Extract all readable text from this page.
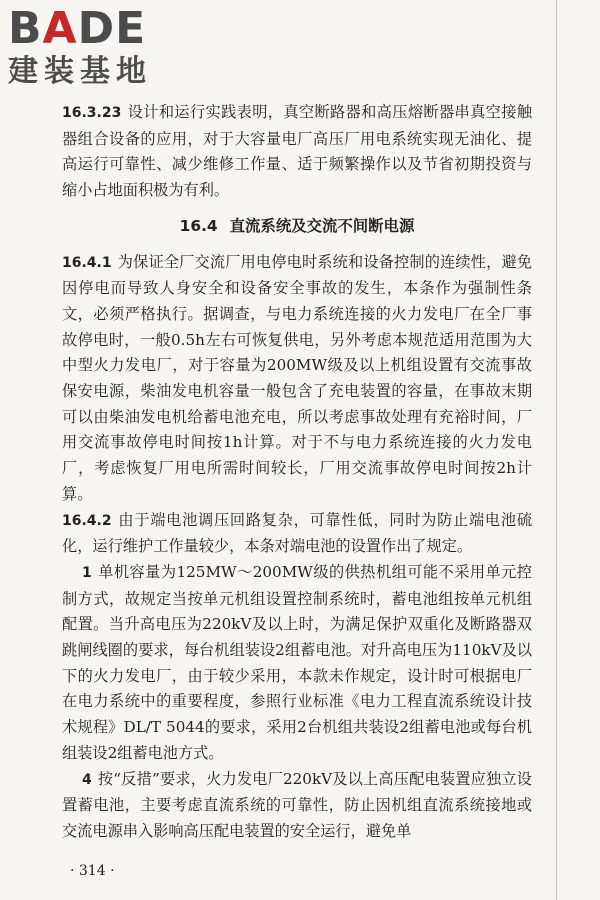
BADE
建装基地

16.3.23 设计和运行实践表明，真空断路器和高压熔断器串真空接触器组合设备的应用，对于大容量电厂高压厂用电系统实现无油化、提高运行可靠性、减少维修工作量、适于频繁操作以及节省初期投资与缩小占地面积极为有利。

16.4 直流系统及交流不间断电源

16.4.1 为保证全厂交流厂用电停电时系统和设备控制的连续性，避免因停电而导致人身安全和设备安全事故的发生，本条作为强制性条文，必须严格执行。据调查，与电力系统连接的火力发电厂在全厂事故停电时，一般0.5h左右可恢复供电，另外考虑本规范适用范围为大中型火力发电厂，对于容量为200MW级及以上机组设置有交流事故保安电源，柴油发电机容量一般包含了充电装置的容量，在事故末期可以由柴油发电机给蓄电池充电，所以考虑事故处理有充裕时间，厂用交流事故停电时间按1h计算。对于不与电力系统连接的火力发电厂，考虑恢复厂用电所需时间较长，厂用交流事故停电时间按2h计算。

16.4.2 由于端电池调压回路复杂，可靠性低，同时为防止端电池硫化，运行维护工作量较少，本条对端电池的设置作出了规定。

1 单机容量为125MW～200MW级的供热机组可能不采用单元控制方式，故规定当按单元机组设置控制系统时，蓄电池组按单元机组配置。当升高电压为220kV及以上时，为满足保护双重化及断路器双跳闸线圈的要求，每台机组装设2组蓄电池。对升高电压为110kV及以下的火力发电厂，由于较少采用，本款未作规定，设计时可根据电厂在电力系统中的重要程度，参照行业标准《电力工程直流系统设计技术规程》DL/T 5044的要求，采用2台机组共装设2组蓄电池或每台机组装设2组蓄电池方式。

4 按“反措”要求，火力发电厂220kV及以上高压配电装置应独立设置蓄电池，主要考虑直流系统的可靠性，防止因机组直流系统接地或交流电源串入影响高压配电装置的安全运行，避免单

· 314 ·
